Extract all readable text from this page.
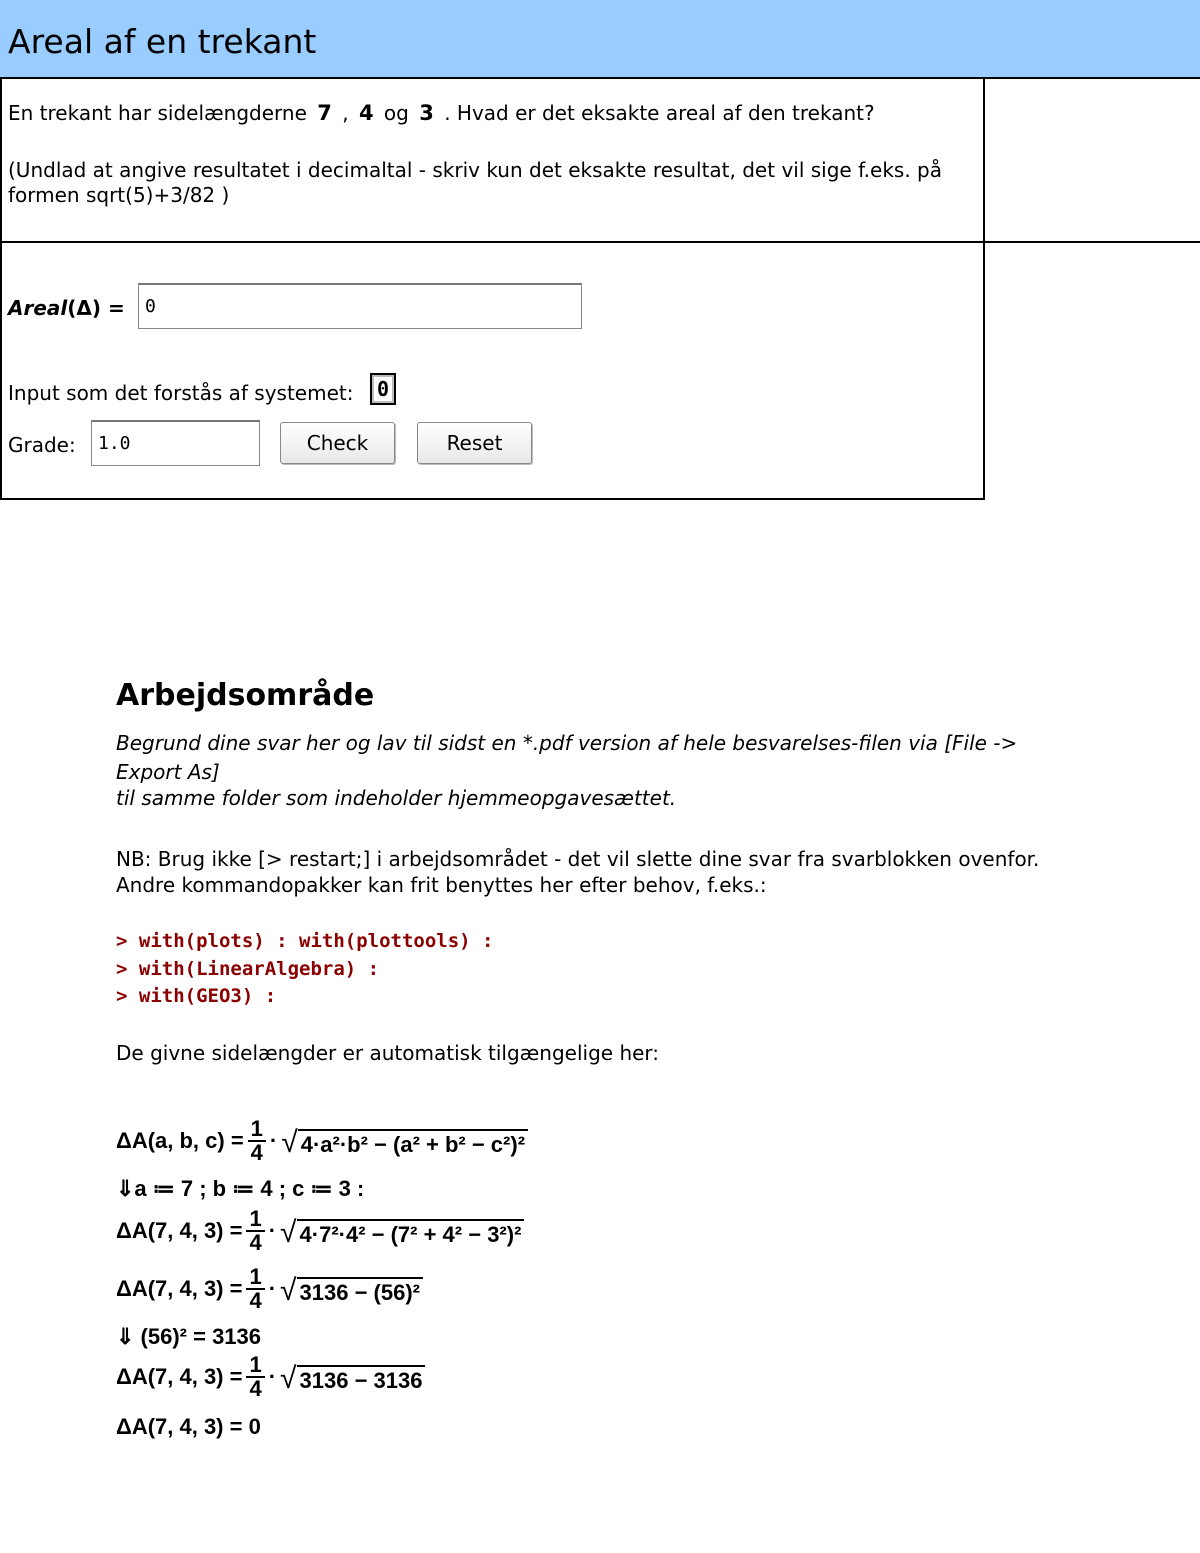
Areal af en trekant
En trekant har sidelængderne 7 , 4 og 3 . Hvad er det eksakte areal af den trekant?
(Undlad at angive resultatet i decimaltal - skriv kun det eksakte resultat, det vil sige f.eks. på
formen sqrt(5)+3/82 )
Areal(Δ) =	0
Input som det forstås af systemet:	0
Grade:	1.0	Check	Reset
Arbejdsområde
Begrund dine svar her og lav til sidst en *.pdf version af hele besvarelses-filen via [File ->
Export As]
til samme folder som indeholder hjemmeopgavesættet.
NB: Brug ikke [> restart;] i arbejdsområdet - det vil slette dine svar fra svarblokken ovenfor.
Andre kommandopakker kan frit benyttes her efter behov, f.eks.:
> with(plots) : with(plottools) :
> with(LinearAlgebra) :
> with(GEO3) :
De givne sidelængder er automatisk tilgængelige her:
ΔA(a, b, $c) = \frac{1}{4}$ · √ 4·a²·b² − (a² + b² − c²)²
⇓a ≔ 7 ; b ≔ 4 ; c ≔ 3 :
ΔA(7, 4, $3) = \frac{1}{4}$ · √ 4·7²·4² − (7² + 4² − 3²)²
ΔA(7, 4, $3) = \frac{1}{4}$ · √ 3136 − (56)²
⇓ (56)² = 3136
ΔA(7, 4, $3) = \frac{1}{4}$ · √ 3136 − 3136
ΔA(7, 4, 3) = 0
